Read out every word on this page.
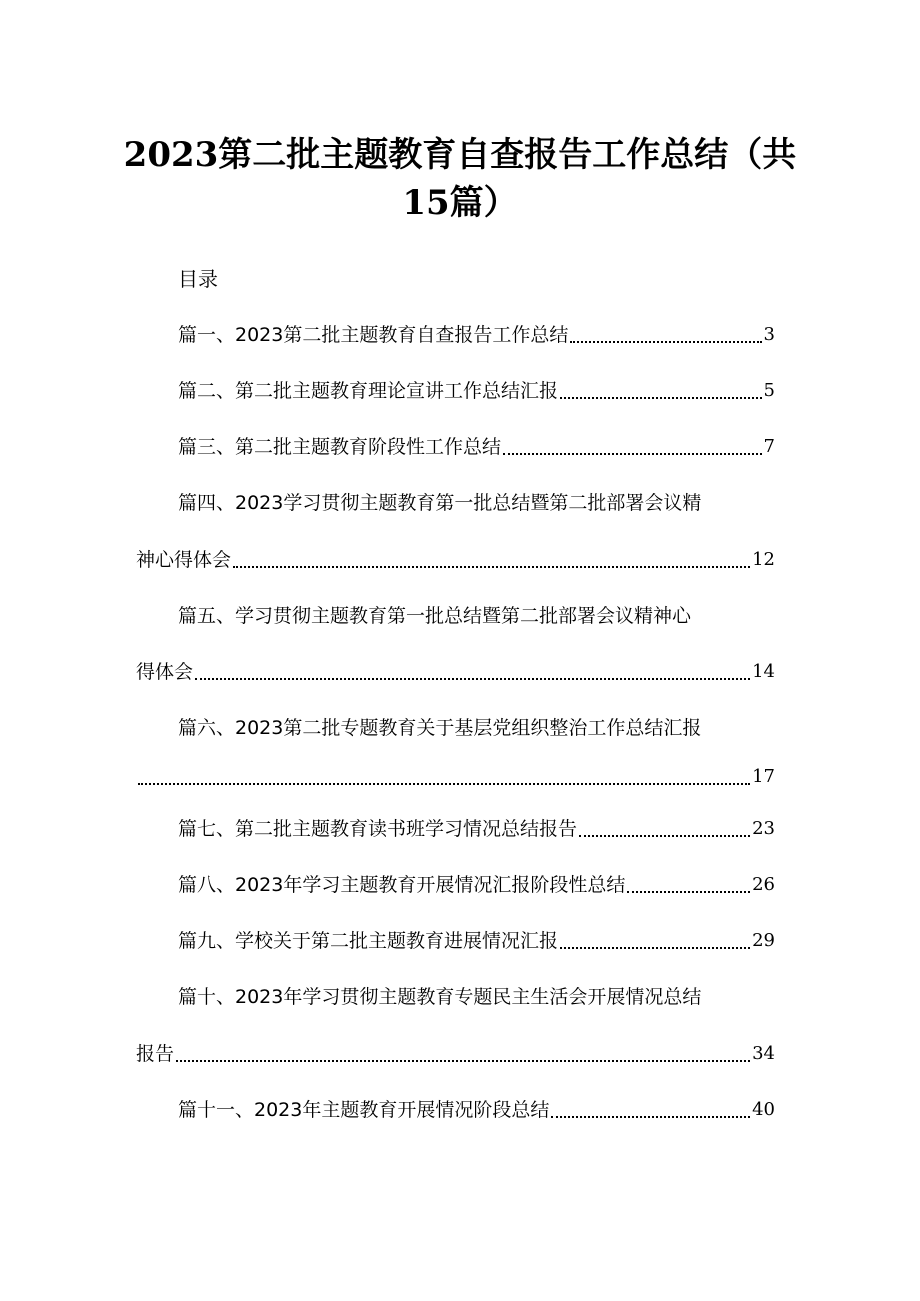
2023第二批主题教育自查报告工作总结（共
15篇）
目录
篇一、2023第二批主题教育自查报告工作总结	3
篇二、第二批主题教育理论宣讲工作总结汇报	5
篇三、第二批主题教育阶段性工作总结	7
篇四、2023学习贯彻主题教育第一批总结暨第二批部署会议精
神心得体会	12
篇五、学习贯彻主题教育第一批总结暨第二批部署会议精神心
得体会	14
篇六、2023第二批专题教育关于基层党组织整治工作总结汇报
17
篇七、第二批主题教育读书班学习情况总结报告	23
篇八、2023年学习主题教育开展情况汇报阶段性总结	26
篇九、学校关于第二批主题教育进展情况汇报	29
篇十、2023年学习贯彻主题教育专题民主生活会开展情况总结
报告	34
篇十一、2023年主题教育开展情况阶段总结	40
